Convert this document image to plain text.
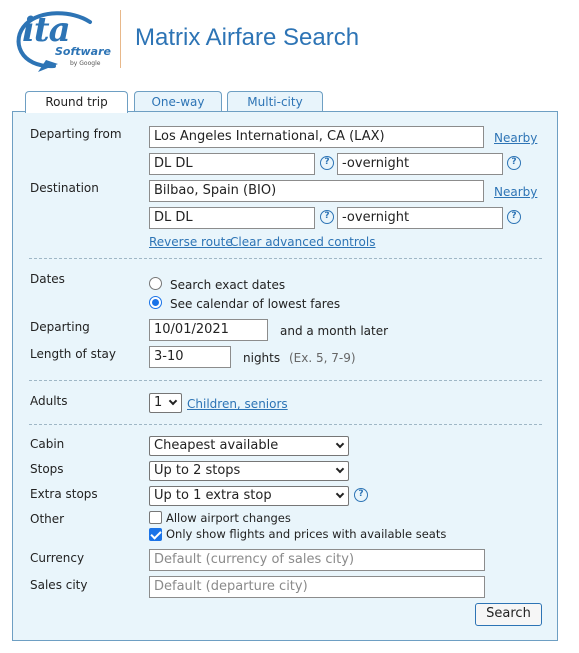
ita
Software
by Google
Matrix Airfare Search
Round trip	One-way	Multi-city
Departing from	Los Angeles International, CA (LAX)	Nearby
DL DL	? -overnight	?
Destination	Bilbao, Spain (BIO)	Nearby
DL DL	? -overnight	?
Reverse route
Clear advanced controls
Dates	Search exact dates
See calendar of lowest fares
Departing	10/01/2021	and a month later
Length of stay	3-10	nights (Ex. 5, 7-9)
Adults	1	Children, seniors
Cabin	Cheapest available
Stops	Up to 2 stops
Extra stops	Up to 1 extra stop	?
Other	Allow airport changes
Only show flights and prices with available seats
Currency	Default (currency of sales city)
Sales city	Default (departure city)
Search
